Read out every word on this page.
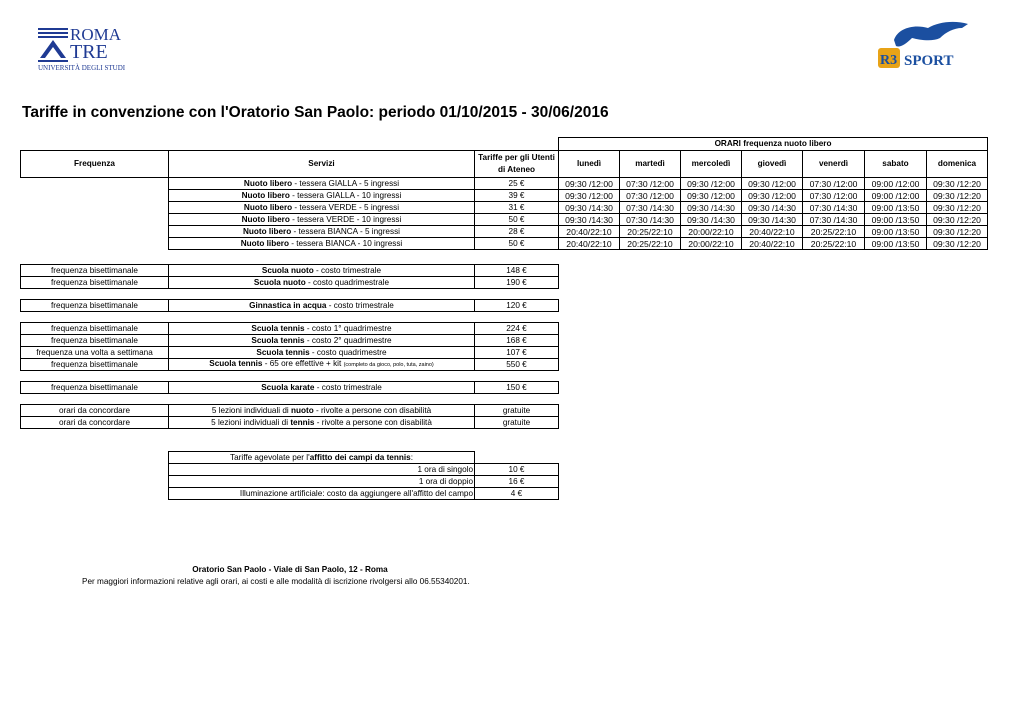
ROMA
TRE
UNIVERSITÀ DEGLI STUDI	R3 SPORT
Tariffe in convenzione con l'Oratorio San Paolo: periodo 01/10/2015 - 30/06/2016
			ORARI frequenza nuoto libero						
Frequenza	Servizi	Tariffe per gli Utenti di Ateneo	lunedì	martedì	mercoledì	giovedì	venerdì	sabato	domenica
	Nuoto libero - tessera GIALLA - 5 ingressi	25 €	09:30 /12:00	07:30 /12:00	09:30 /12:00	09:30 /12:00	07:30 /12:00	09:00 /12:00	09:30 /12:20
	Nuoto libero - tessera GIALLA - 10 ingressi	39 €	09:30 /12:00	07:30 /12:00	09:30 /12:00	09:30 /12:00	07:30 /12:00	09:00 /12:00	09:30 /12:20
	Nuoto libero - tessera VERDE - 5 ingressi	31 €	09:30 /14:30	07:30 /14:30	09:30 /14:30	09:30 /14:30	07:30 /14:30	09:00 /13:50	09:30 /12:20
	Nuoto libero - tessera VERDE - 10 ingressi	50 €	09:30 /14:30	07:30 /14:30	09:30 /14:30	09:30 /14:30	07:30 /14:30	09:00 /13:50	09:30 /12:20
	Nuoto libero - tessera BIANCA - 5 ingressi	28 €	20:40/22:10	20:25/22:10	20:00/22:10	20:40/22:10	20:25/22:10	09:00 /13:50	09:30 /12:20
	Nuoto libero - tessera BIANCA - 10 ingressi	50 €	20:40/22:10	20:25/22:10	20:00/22:10	20:40/22:10	20:25/22:10	09:00 /13:50	09:30 /12:20
frequenza bisettimanale	Scuola nuoto - costo trimestrale	148 €
frequenza bisettimanale	Scuola nuoto - costo quadrimestrale	190 €

frequenza bisettimanale	Ginnastica in acqua - costo trimestrale	120 €

frequenza bisettimanale	Scuola tennis - costo 1° quadrimestre	224 €
frequenza bisettimanale	Scuola tennis - costo 2° quadrimestre	168 €
frequenza una volta a settimana	Scuola tennis - costo quadrimestre	107 €
frequenza bisettimanale	Scuola tennis - 65 ore effettive + kit (completo da gioco, polo, tuta, zaino)	550 €

frequenza bisettimanale	Scuola karate - costo trimestrale	150 €

orari da concordare	5 lezioni individuali di nuoto - rivolte a persone con disabilità	gratuite
orari da concordare	5 lezioni individuali di tennis - rivolte a persone con disabilità	gratuite
Tariffe agevolate per l'affitto dei campi da tennis:	
1 ora di singolo	10 €
1 ora di doppio	16 €
Illuminazione artificiale: costo da aggiungere all'affitto del campo	4 €
Oratorio San Paolo - Viale di San Paolo, 12 - Roma
Per maggiori informazioni relative agli orari, ai costi e alle modalità di iscrizione rivolgersi allo 06.55340201.
